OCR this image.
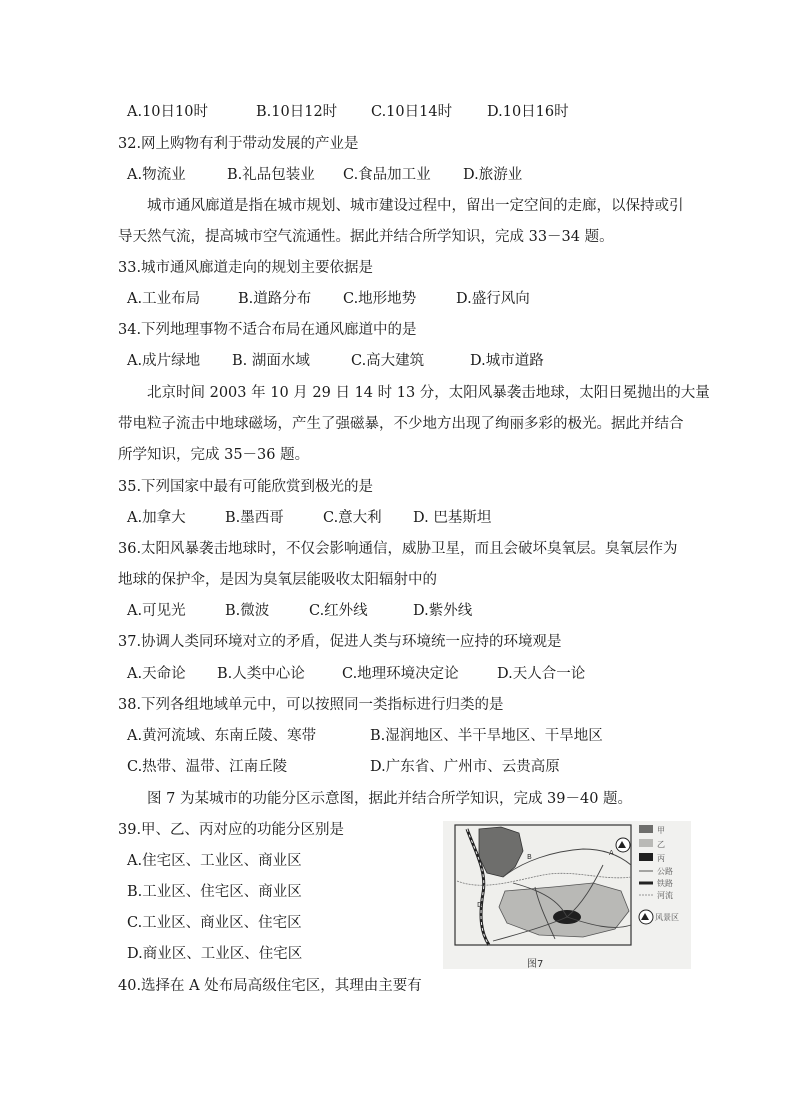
A.10日10时	B.10日12时 C.10日14时 D.10日16时
32.网上购物有利于带动发展的产业是
A.物流业	B.礼品包装业 C.食品加工业 D.旅游业
城市通风廊道是指在城市规划、城市建设过程中，留出一定空间的走廊，以保持或引
导天然气流，提高城市空气流通性。据此并结合所学知识，完成 33－34 题。
33.城市通风廊道走向的规划主要依据是
A.工业布局	B.道路分布 C.地形地势	D.盛行风向
34.下列地理事物不适合布局在通风廊道中的是
A.成片绿地 B. 湖面水域	C.高大建筑	D.城市道路
北京时间 2003 年 10 月 29 日 14 时 13 分，太阳风暴袭击地球，太阳日冕抛出的大量
带电粒子流击中地球磁场，产生了强磁暴，不少地方出现了绚丽多彩的极光。据此并结合
所学知识，完成 35－36 题。
35.下列国家中最有可能欣赏到极光的是
A.加拿大	B.墨西哥	C.意大利 D. 巴基斯坦
36.太阳风暴袭击地球时，不仅会影响通信，威胁卫星，而且会破坏臭氧层。臭氧层作为
地球的保护伞，是因为臭氧层能吸收太阳辐射中的
A.可见光	B.微波	C.红外线	D.紫外线
37.协调人类同环境对立的矛盾，促进人类与环境统一应持的环境观是
A.天命论 B.人类中心论	C.地理环境决定论	D.天人合一论
38.下列各组地域单元中，可以按照同一类指标进行归类的是
A.黄河流域、东南丘陵、寒带	B.湿润地区、半干旱地区、干旱地区
C.热带、温带、江南丘陵	D.广东省、广州市、云贵高原
图 7 为某城市的功能分区示意图，据此并结合所学知识，完成 39－40 题。
39.甲、乙、丙对应的功能分区别是
A.住宅区、工业区、商业区
B.工业区、住宅区、商业区
C.工业区、商业区、住宅区
D.商业区、工业区、住宅区
40.选择在 A 处布局高级住宅区，其理由主要有
A
B
D
甲
乙
丙
公路
铁路
河流
风景区
图7
